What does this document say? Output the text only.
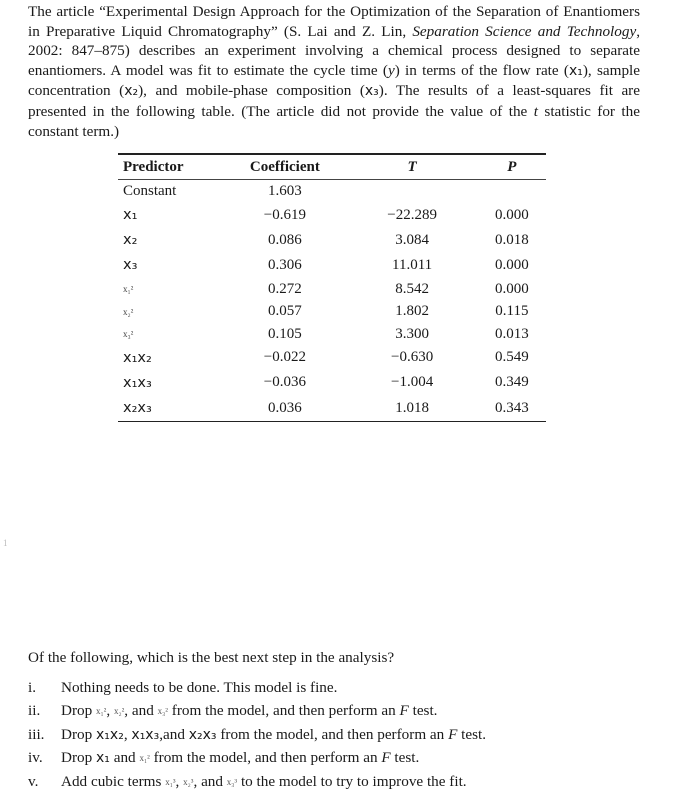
The article “Experimental Design Approach for the Optimization of the Separation of Enantiomers in Preparative Liquid Chromatography” (S. Lai and Z. Lin, Separation Science and Technology, 2002: 847–875) describes an experiment involving a chemical process designed to separate enantiomers. A model was fit to estimate the cycle time (y) in terms of the flow rate (x₁), sample concentration (x₂), and mobile-phase composition (x₃). The results of a least-squares fit are presented in the following table. (The article did not provide the value of the t statistic for the constant term.)
Predictor	Coefficient	T	P
Constant	1.603		
x₁	−0.619	−22.289	0.000
x₂	0.086	3.084	0.018
x₃	0.306	11.011	0.000
x₁²	0.272	8.542	0.000
x₂²	0.057	1.802	0.115
x₃²	0.105	3.300	0.013
x₁x₂	−0.022	−0.630	0.549
x₁x₃	−0.036	−1.004	0.349
x₂x₃	0.036	1.018	0.343
1
Of the following, which is the best next step in the analysis?
i.	Nothing needs to be done. This model is fine.
ii.	Drop x₁², x₂², and x₃² from the model, and then perform an F test.
iii.	Drop x₁x₂, x₁x₃,and x₂x₃ from the model, and then perform an F test.
iv.	Drop x₁ and x₁² from the model, and then perform an F test.
v.	Add cubic terms x₁³, x₂³, and x₃³ to the model to try to improve the fit.
